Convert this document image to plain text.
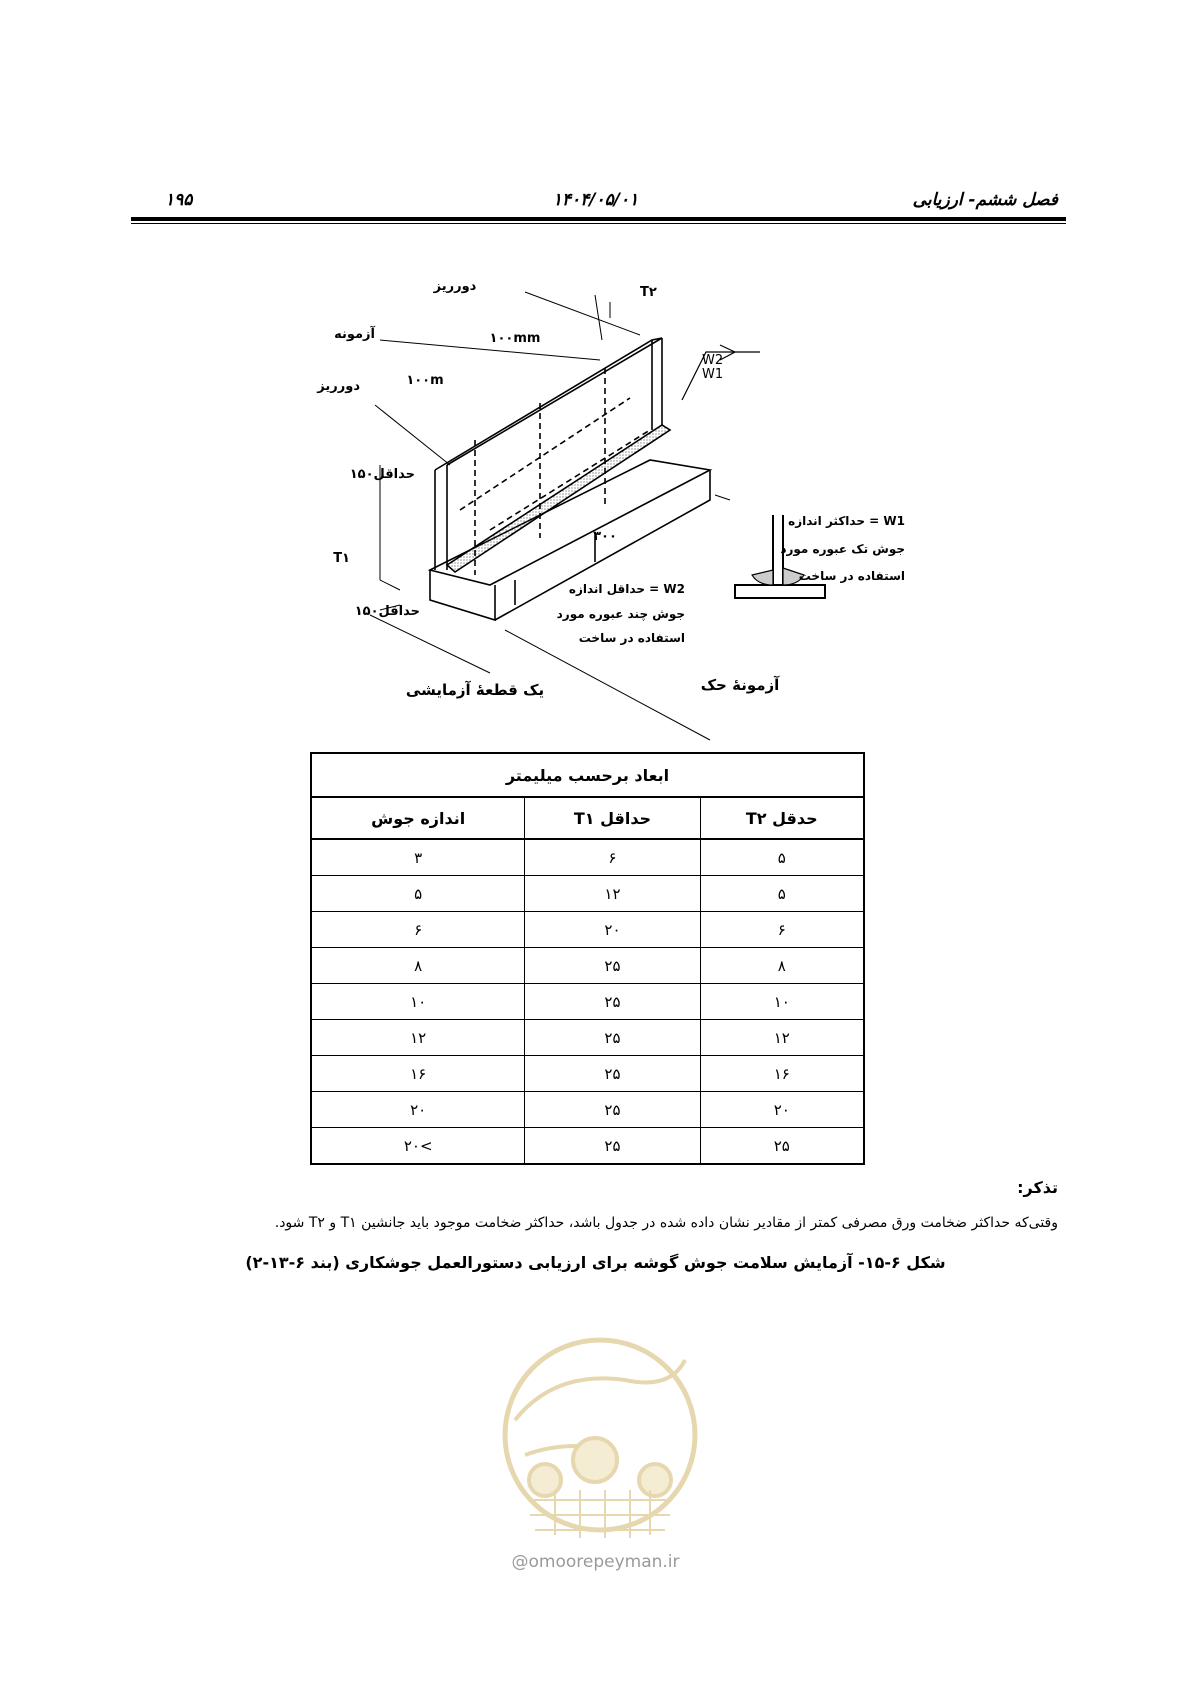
۱۹۵	۱۴۰۴/۰۵/۰۱	فصل ششم- ارزیابی
دورریز	T۲
آزمونه	۱۰۰mm
۱۰۰m
دورریز
حداقل۱۵۰
T۱
۳۰۰
حداقل۱۵۰
W2
W1
W2 = حداقل اندازه
جوش چند عبوره مورد
استفاده در ساخت
W1 = حداکثر اندازه
جوش تک عبوره مورد
استفاده در ساخت
یک قطعۀ آزمایشی	آزمونۀ حک
ابعاد برحسب میلیمتر		
حدقل T۲	حداقل T۱	اندازه جوش
۵	۶	۳
۵	۱۲	۵
۶	۲۰	۶
۸	۲۵	۸
۱۰	۲۵	۱۰
۱۲	۲۵	۱۲
۱۶	۲۵	۱۶
۲۰	۲۵	۲۰
۲۵	۲۵	>۲۰
تذکر:
وقتی‌که حداکثر ضخامت ورق مصرفی کمتر از مقادیر نشان داده شده در جدول باشد، حداکثر ضخامت موجود باید جانشین T۱ و T۲ شود.
شکل ۶-۱۵- آزمایش سلامت جوش گوشه برای ارزیابی دستورالعمل جوشکاری (بند ۶-۱۳-۲)
@omoorepeyman.ir
